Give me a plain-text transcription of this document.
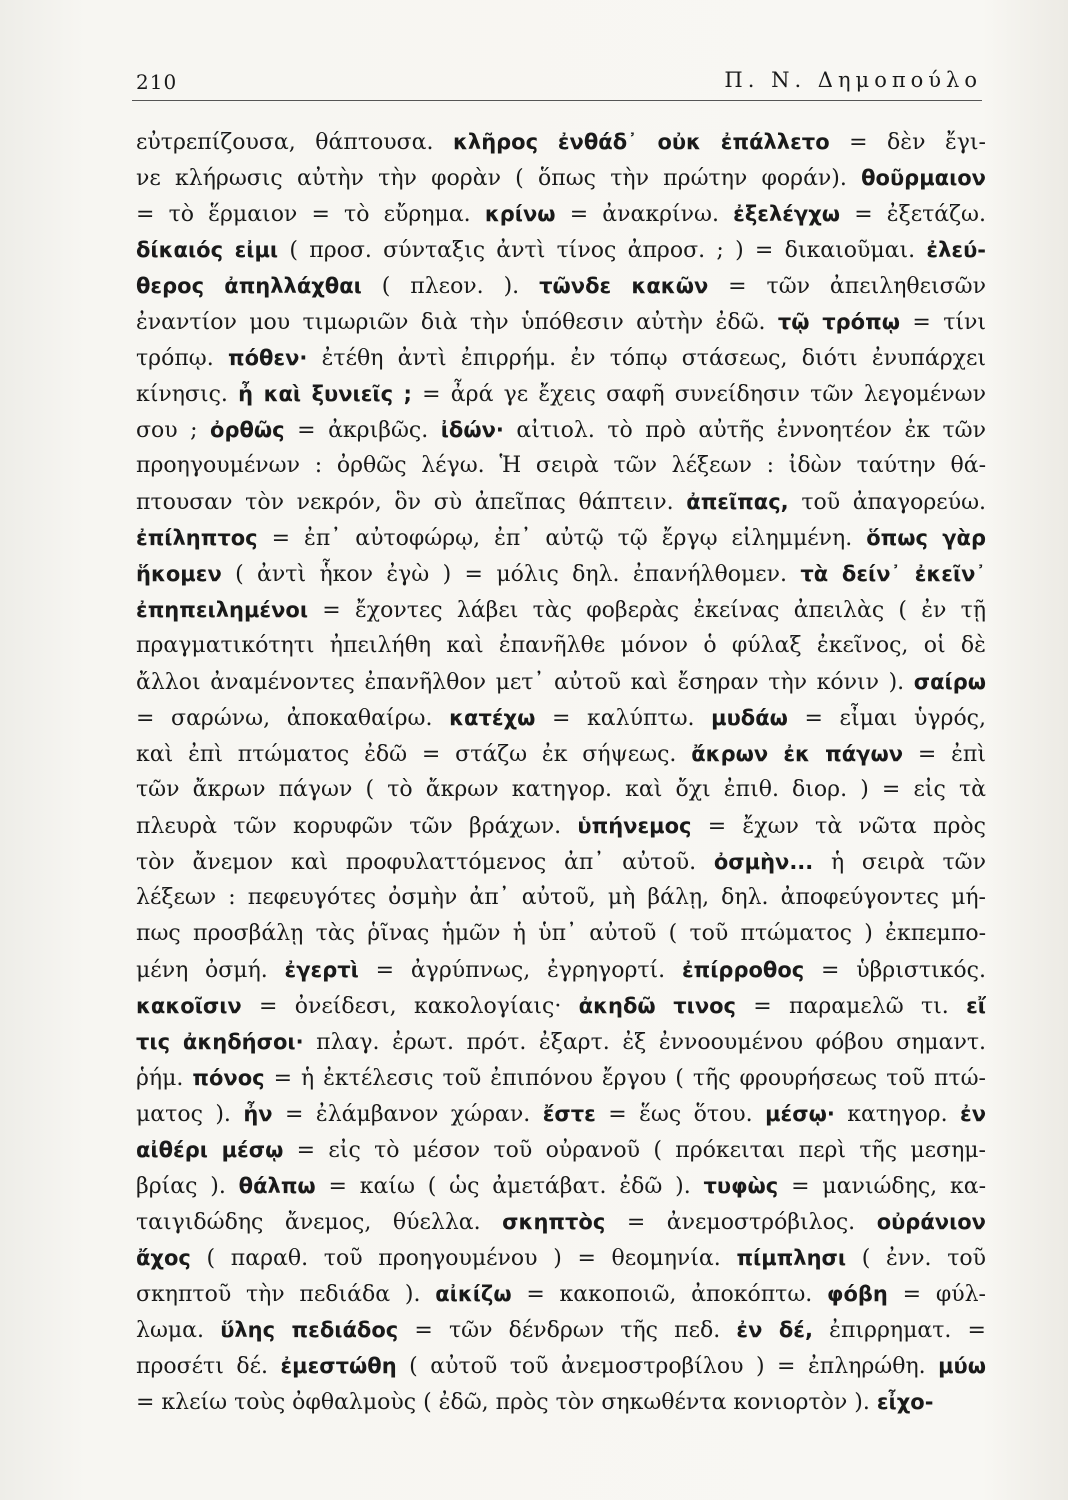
210	Π. Ν. Δημοπούλο
εὐτρεπίζουσα, θάπτουσα. κλῆρος ἐνθάδ᾽ οὐκ ἐπάλλετο = δὲν ἔγι-
νε κλήρωσις αὐτὴν τὴν φορὰν ( ὅπως τὴν πρώτην φοράν). θοῦρμαιον
= τὸ ἕρμαιον = τὸ εὔρημα. κρίνω = ἀνακρίνω. ἐξελέγχω = ἐξετάζω.
δίκαιός εἰμι ( προσ. σύνταξις ἀντὶ τίνος ἀπροσ. ; ) = δικαιοῦμαι. ἐλεύ-
θερος ἀπηλλάχθαι ( πλεον. ). τῶνδε κακῶν = τῶν ἀπειληθεισῶν
ἐναντίον μου τιμωριῶν διὰ τὴν ὑπόθεσιν αὐτὴν ἐδῶ. τῷ τρόπῳ = τίνι
τρόπῳ. πόθεν· ἐτέθη ἀντὶ ἐπιρρήμ. ἐν τόπῳ στάσεως, διότι ἐνυπάρχει
κίνησις. ἦ καὶ ξυνιεῖς ; = ἆρά γε ἔχεις σαφῆ συνείδησιν τῶν λεγομένων
σου ; ὀρθῶς = ἀκριβῶς. ἰδών· αἰτιολ. τὸ πρὸ αὐτῆς ἐννοητέον ἐκ τῶν
προηγουμένων : ὀρθῶς λέγω. Ἡ σειρὰ τῶν λέξεων : ἰδὼν ταύτην θά-
πτουσαν τὸν νεκρόν, ὃν σὺ ἀπεῖπας θάπτειν. ἀπεῖπας, τοῦ ἀπαγορεύω.
ἐπίληπτος = ἐπ᾽ αὐτοφώρῳ, ἐπ᾽ αὐτῷ τῷ ἔργῳ εἰλημμένη. ὅπως γὰρ
ἥκομεν ( ἀντὶ ἧκον ἐγὼ ) = μόλις δηλ. ἐπανήλθομεν. τὰ δείν᾽ ἐκεῖν᾽
ἐπηπειλημένοι = ἔχοντες λάβει τὰς φοβερὰς ἐκείνας ἀπειλὰς ( ἐν τῇ
πραγματικότητι ἠπειλήθη καὶ ἐπανῆλθε μόνον ὁ φύλαξ ἐκεῖνος, οἱ δὲ
ἄλλοι ἀναμένοντες ἐπανῆλθον μετ᾽ αὐτοῦ καὶ ἔσηραν τὴν κόνιν ). σαίρω
= σαρώνω, ἀποκαθαίρω. κατέχω = καλύπτω. μυδάω = εἶμαι ὑγρός,
καὶ ἐπὶ πτώματος ἐδῶ = στάζω ἐκ σήψεως. ἄκρων ἐκ πάγων = ἐπὶ
τῶν ἄκρων πάγων ( τὸ ἄκρων κατηγορ. καὶ ὄχι ἐπιθ. διορ. ) = εἰς τὰ
πλευρὰ τῶν κορυφῶν τῶν βράχων. ὑπήνεμος = ἔχων τὰ νῶτα πρὸς
τὸν ἄνεμον καὶ προφυλαττόμενος ἀπ᾽ αὐτοῦ. ὀσμὴν... ἡ σειρὰ τῶν
λέξεων : πεφευγότες ὀσμὴν ἀπ᾽ αὐτοῦ, μὴ βάλῃ, δηλ. ἀποφεύγοντες μή-
πως προσβάλῃ τὰς ῥῖνας ἡμῶν ἡ ὑπ᾽ αὐτοῦ ( τοῦ πτώματος ) ἐκπεμπο-
μένη ὀσμή. ἐγερτὶ = ἀγρύπνως, ἐγρηγορτί. ἐπίρροθος = ὑβριστικός.
κακοῖσιν = ὀνείδεσι, κακολογίαις· ἀκηδῶ τινος = παραμελῶ τι. εἴ
τις ἀκηδήσοι· πλαγ. ἐρωτ. πρότ. ἐξαρτ. ἐξ ἐννοουμένου φόβου σημαντ.
ῥήμ. πόνος = ἡ ἐκτέλεσις τοῦ ἐπιπόνου ἔργου ( τῆς φρουρήσεως τοῦ πτώ-
ματος ). ἦν = ἐλάμβανον χώραν. ἔστε = ἕως ὅτου. μέσῳ· κατηγορ. ἐν
αἰθέρι μέσῳ = εἰς τὸ μέσον τοῦ οὐρανοῦ ( πρόκειται περὶ τῆς μεσημ-
βρίας ). θάλπω = καίω ( ὡς ἀμετάβατ. ἐδῶ ). τυφὼς = μανιώδης, κα-
ταιγιδώδης ἄνεμος, θύελλα. σκηπτὸς = ἀνεμοστρόβιλος. οὐράνιον
ἄχος ( παραθ. τοῦ προηγουμένου ) = θεομηνία. πίμπλησι ( ἐνν. τοῦ
σκηπτοῦ τὴν πεδιάδα ). αἰκίζω = κακοποιῶ, ἀποκόπτω. φόβη = φύλ-
λωμα. ὕλης πεδιάδος = τῶν δένδρων τῆς πεδ. ἐν δέ, ἐπιρρηματ. =
προσέτι δέ. ἐμεστώθη ( αὐτοῦ τοῦ ἀνεμοστροβίλου ) = ἐπληρώθη. μύω
= κλείω τοὺς ὀφθαλμοὺς ( ἐδῶ, πρὸς τὸν σηκωθέντα κονιορτὸν ). εἶχο-
